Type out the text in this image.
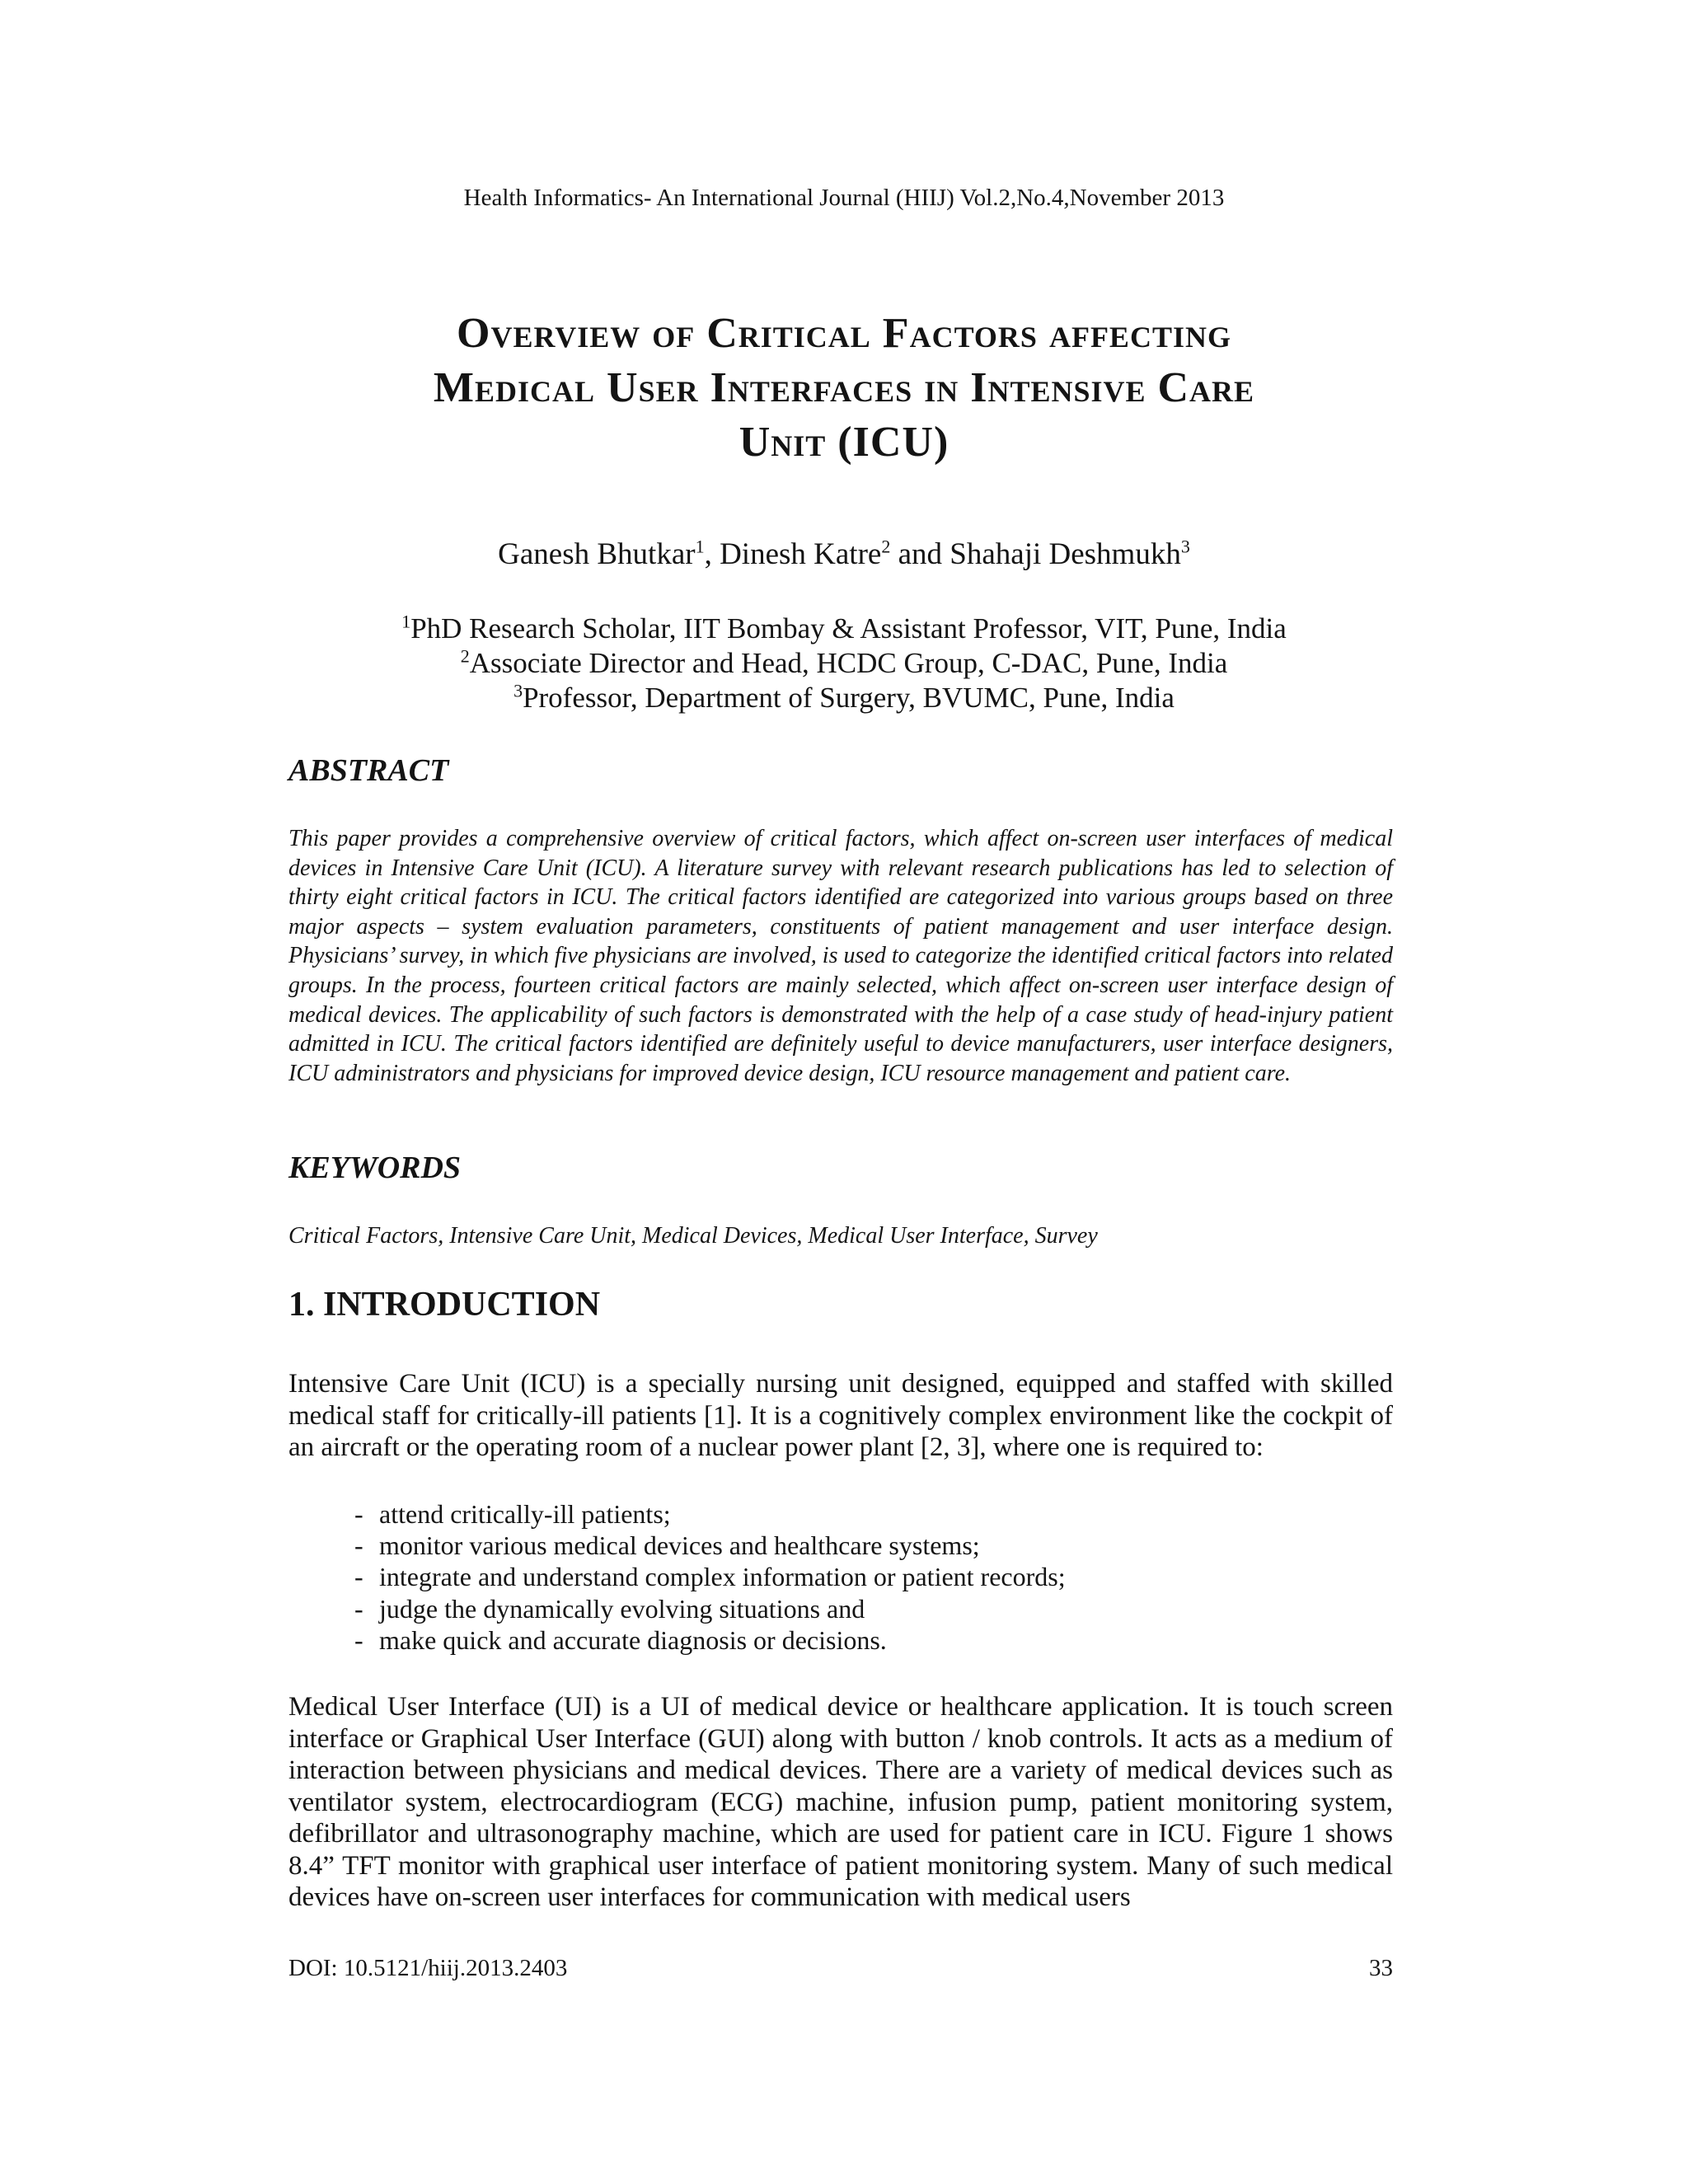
Health Informatics- An International Journal (HIIJ) Vol.2,No.4,November 2013
Overview of Critical Factors affecting
Medical User Interfaces in Intensive Care
Unit (ICU)
Ganesh Bhutkar$^1$, Dinesh Katre$^2$ and Shahaji Deshmukh$^3$
$^1$PhD Research Scholar, IIT Bombay & Assistant Professor, VIT, Pune, India
$^2$Associate Director and Head, HCDC Group, C-DAC, Pune, India
$^3$Professor, Department of Surgery, BVUMC, Pune, India
ABSTRACT
This paper provides a comprehensive overview of critical factors, which affect on-screen user interfaces of medical devices in Intensive Care Unit (ICU). A literature survey with relevant research publications has led to selection of thirty eight critical factors in ICU. The critical factors identified are categorized into various groups based on three major aspects – system evaluation parameters, constituents of patient management and user interface design. Physicians’ survey, in which five physicians are involved, is used to categorize the identified critical factors into related groups. In the process, fourteen critical factors are mainly selected, which affect on-screen user interface design of medical devices. The applicability of such factors is demonstrated with the help of a case study of head-injury patient admitted in ICU. The critical factors identified are definitely useful to device manufacturers, user interface designers, ICU administrators and physicians for improved device design, ICU resource management and patient care.
KEYWORDS
Critical Factors, Intensive Care Unit, Medical Devices, Medical User Interface, Survey
1. INTRODUCTION
Intensive Care Unit (ICU) is a specially nursing unit designed, equipped and staffed with skilled medical staff for critically-ill patients [1]. It is a cognitively complex environment like the cockpit of an aircraft or the operating room of a nuclear power plant [2, 3], where one is required to:
- attend critically-ill patients;
- monitor various medical devices and healthcare systems;
- integrate and understand complex information or patient records;
- judge the dynamically evolving situations and
- make quick and accurate diagnosis or decisions.
Medical User Interface (UI) is a UI of medical device or healthcare application. It is touch screen interface or Graphical User Interface (GUI) along with button / knob controls. It acts as a medium of interaction between physicians and medical devices. There are a variety of medical devices such as ventilator system, electrocardiogram (ECG) machine, infusion pump, patient monitoring system, defibrillator and ultrasonography machine, which are used for patient care in ICU. Figure 1 shows 8.4” TFT monitor with graphical user interface of patient monitoring system. Many of such medical devices have on-screen user interfaces for communication with medical users
DOI: 10.5121/hiij.2013.2403	33
